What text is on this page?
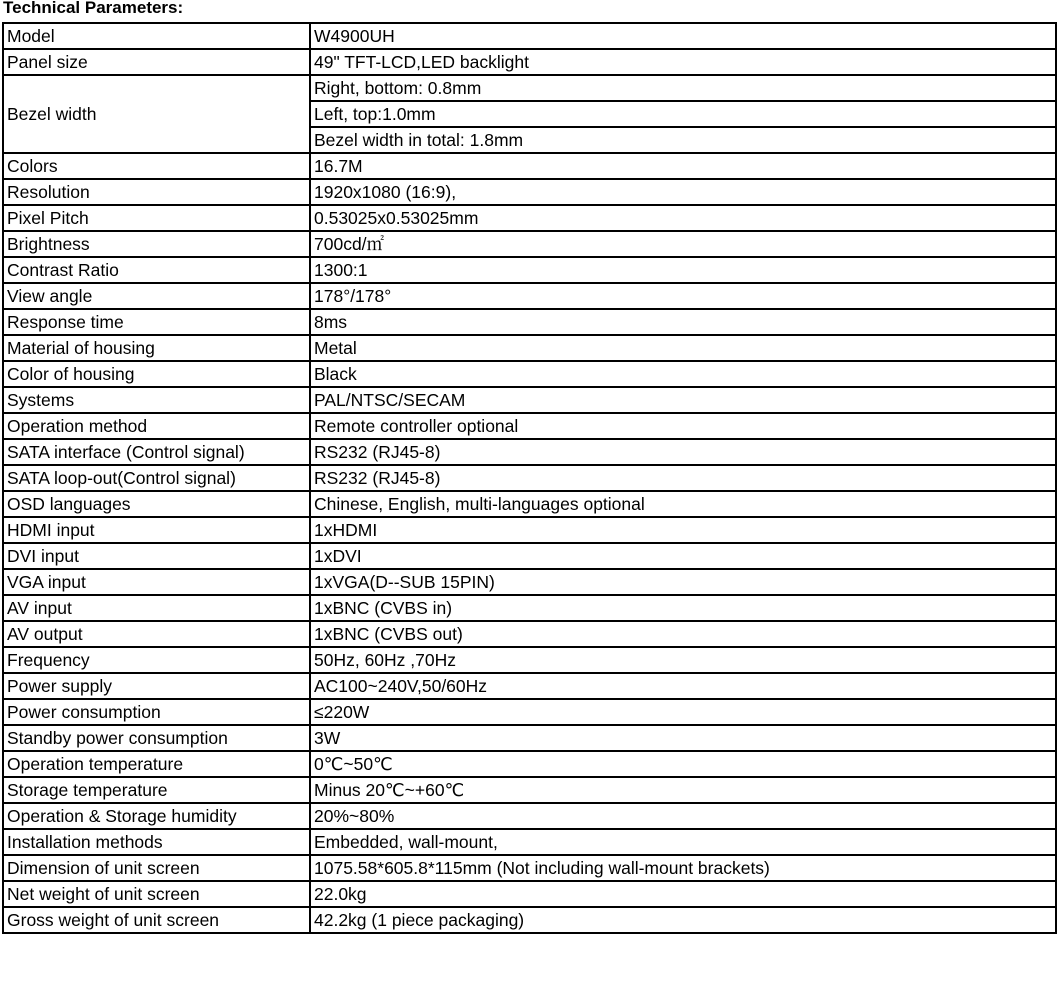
Technical Parameters:
Model	W4900UH
Panel size	49" TFT-LCD,LED backlight
Bezel width	Right, bottom: 0.8mm
	Left, top:1.0mm
	Bezel width in total: 1.8mm
Colors	16.7M
Resolution	1920x1080 (16:9),
Pixel Pitch	0.53025x0.53025mm
Brightness	700cd/㎡
Contrast Ratio	1300:1
View angle	178°/178°
Response time	8ms
Material of housing	Metal
Color of housing	Black
Systems	PAL/NTSC/SECAM
Operation method	Remote controller optional
SATA interface (Control signal)	RS232 (RJ45-8)
SATA loop-out(Control signal)	RS232 (RJ45-8)
OSD languages	Chinese, English, multi-languages optional
HDMI input	1xHDMI
DVI input	1xDVI
VGA input	1xVGA(D--SUB 15PIN)
AV input	1xBNC (CVBS in)
AV output	1xBNC (CVBS out)
Frequency	50Hz, 60Hz ,70Hz
Power supply	AC100~240V,50/60Hz
Power consumption	≤220W
Standby power consumption	3W
Operation temperature	0℃~50℃
Storage temperature	Minus 20℃~+60℃
Operation & Storage humidity	20%~80%
Installation methods	Embedded, wall-mount,
Dimension of unit screen	1075.58*605.8*115mm (Not including wall-mount brackets)
Net weight of unit screen	22.0kg
Gross weight of unit screen	42.2kg (1 piece packaging)
